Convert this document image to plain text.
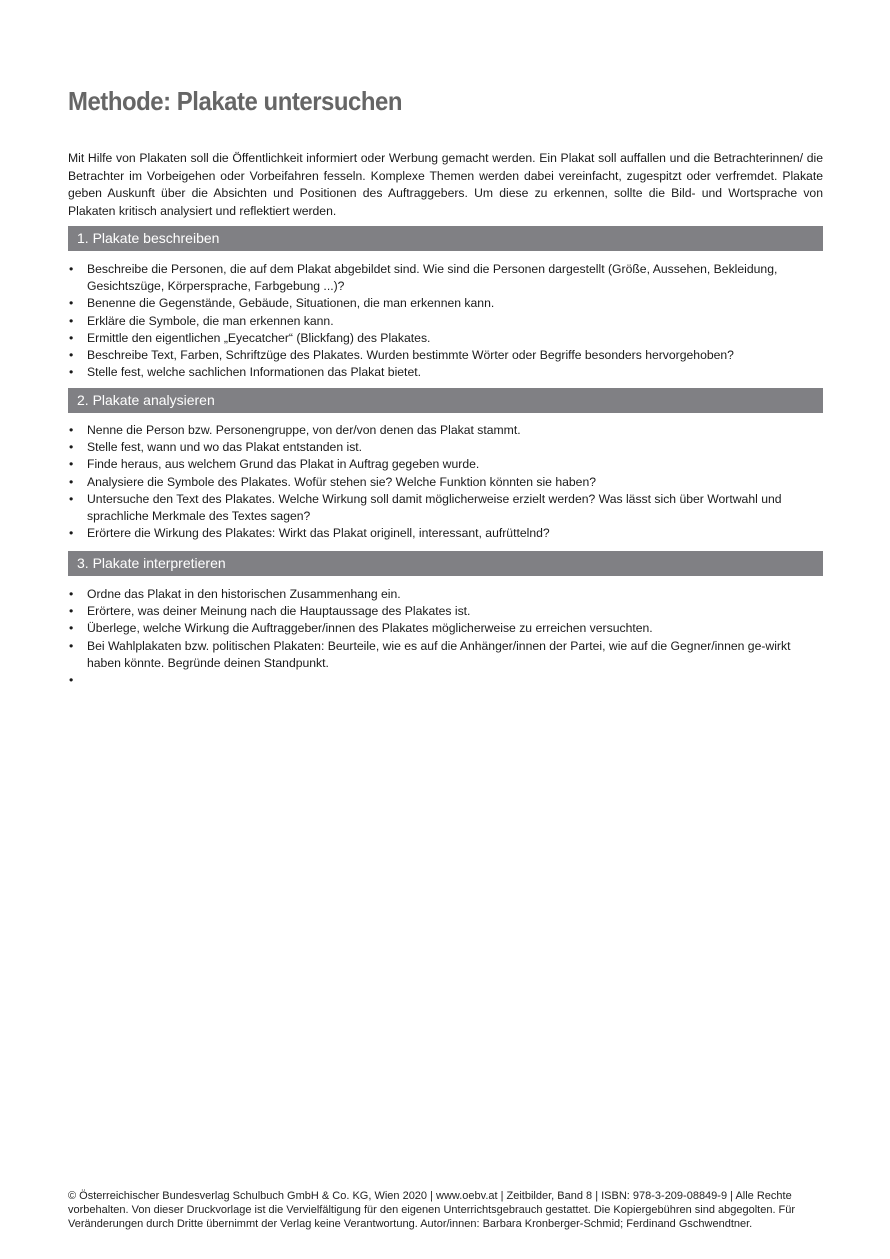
Methode: Plakate untersuchen

Mit Hilfe von Plakaten soll die Öffentlichkeit informiert oder Werbung gemacht werden. Ein Plakat soll auffallen und die Betrachterinnen/ die Betrachter im Vorbeigehen oder Vorbeifahren fesseln. Komplexe Themen werden dabei vereinfacht, zugespitzt oder verfremdet. Plakate geben Auskunft über die Absichten und Positionen des Auftraggebers. Um diese zu erkennen, sollte die Bild- und Wortsprache von Plakaten kritisch analysiert und reflektiert werden.

1. Plakate beschreiben
• Beschreibe die Personen, die auf dem Plakat abgebildet sind. Wie sind die Personen dargestellt (Größe, Aussehen, Bekleidung, Gesichtszüge, Körpersprache, Farbgebung ...)?
• Benenne die Gegenstände, Gebäude, Situationen, die man erkennen kann.
• Erkläre die Symbole, die man erkennen kann.
• Ermittle den eigentlichen „Eyecatcher“ (Blickfang) des Plakates.
• Beschreibe Text, Farben, Schriftzüge des Plakates. Wurden bestimmte Wörter oder Begriffe besonders hervorgehoben?
• Stelle fest, welche sachlichen Informationen das Plakat bietet.
2. Plakate analysieren
• Nenne die Person bzw. Personengruppe, von der/von denen das Plakat stammt.
• Stelle fest, wann und wo das Plakat entstanden ist.
• Finde heraus, aus welchem Grund das Plakat in Auftrag gegeben wurde.
• Analysiere die Symbole des Plakates. Wofür stehen sie? Welche Funktion könnten sie haben?
• Untersuche den Text des Plakates. Welche Wirkung soll damit möglicherweise erzielt werden? Was lässt sich über Wortwahl und sprachliche Merkmale des Textes sagen?
• Erörtere die Wirkung des Plakates: Wirkt das Plakat originell, interessant, aufrüttelnd?
3. Plakate interpretieren
• Ordne das Plakat in den historischen Zusammenhang ein.
• Erörtere, was deiner Meinung nach die Hauptaussage des Plakates ist.
• Überlege, welche Wirkung die Auftraggeber/innen des Plakates möglicherweise zu erreichen versuchten.
• Bei Wahlplakaten bzw. politischen Plakaten: Beurteile, wie es auf die Anhänger/innen der Partei, wie auf die Gegner/innen ge-wirkt haben könnte. Begründe deinen Standpunkt.
•

© Österreichischer Bundesverlag Schulbuch GmbH & Co. KG, Wien 2020 | www.oebv.at | Zeitbilder, Band 8 | ISBN: 978-3-209-08849-9 | Alle Rechte vorbehalten. Von dieser Druckvorlage ist die Vervielfältigung für den eigenen Unterrichtsgebrauch gestattet. Die Kopiergebühren sind abgegolten. Für Veränderungen durch Dritte übernimmt der Verlag keine Verantwortung. Autor/innen: Barbara Kronberger-Schmid; Ferdinand Gschwendtner.
